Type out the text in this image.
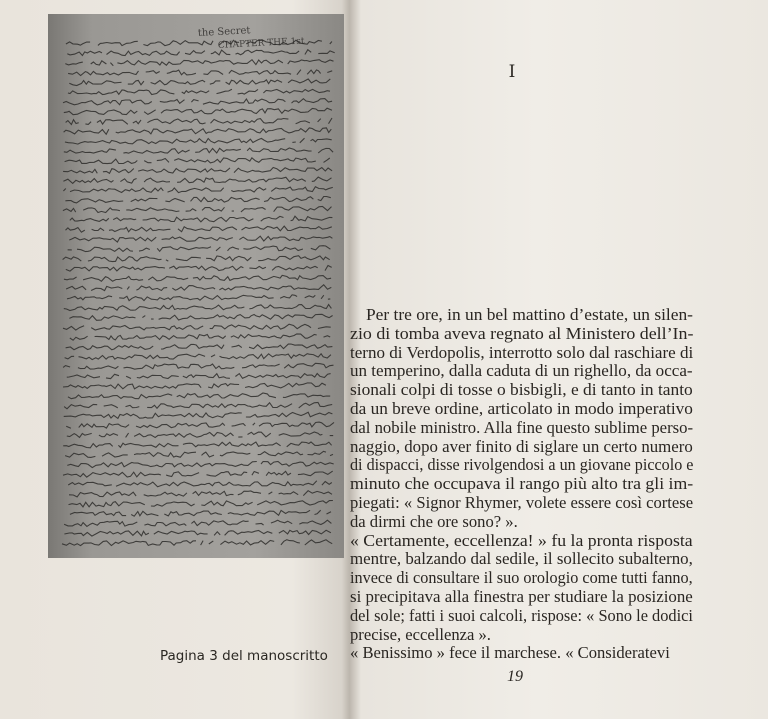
the Secret
CHAPTER THE 1st
Pagina 3 del manoscritto
I
Per tre ore, in un bel mattino d’estate, un silen-
zio di tomba aveva regnato al Ministero dell’In-
terno di Verdopolis, interrotto solo dal raschiare di
un temperino, dalla caduta di un righello, da occa-
sionali colpi di tosse o bisbigli, e di tanto in tanto
da un breve ordine, articolato in modo imperativo
dal nobile ministro. Alla fine questo sublime perso-
naggio, dopo aver finito di siglare un certo numero
di dispacci, disse rivolgendosi a un giovane piccolo e
minuto che occupava il rango più alto tra gli im-
piegati: « Signor Rhymer, volete essere così cortese
da dirmi che ore sono? ».
« Certamente, eccellenza! » fu la pronta risposta
mentre, balzando dal sedile, il sollecito subalterno,
invece di consultare il suo orologio come tutti fanno,
si precipitava alla finestra per studiare la posizione
del sole; fatti i suoi calcoli, rispose: « Sono le dodici
precise, eccellenza ».
« Benissimo » fece il marchese. « Consideratevi
19
